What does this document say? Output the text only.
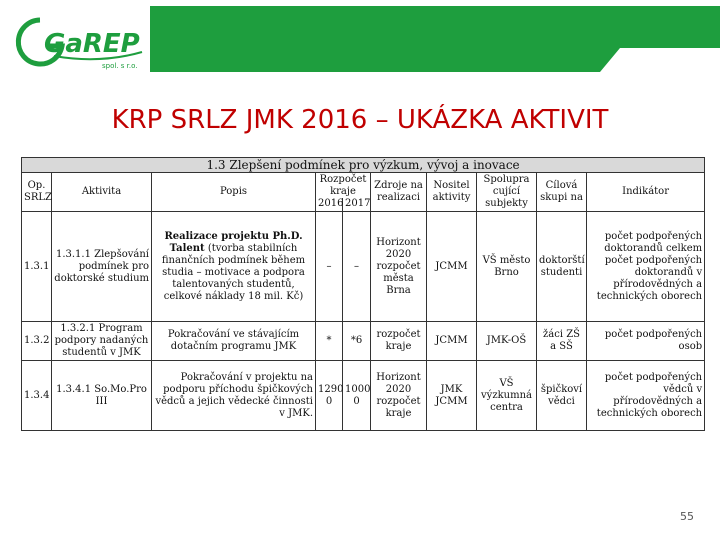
GaREP
spol. s r.o.
KRP SRLZ JMK 2016 – UKÁZKA AKTIVIT
1.3 Zlepšení podmínek pro výzkum, vývoj a inovace									
Op. SRLZ	Aktivita	Popis	Rozpočet kraje		Zdroje na realizaci	Nositel aktivity	Spolupra cující subjekty	Cílová skupi na	Indikátor
			2016	2017					
1.3.1	1.3.1.1 Zlepšování podmínek pro doktorské studium	Realizace projektu Ph.D. Talent (tvorba stabilních finančních podmínek během studia – motivace a podpora talentovaných studentů, celkové náklady 18 mil. Kč)	–	–	Horizont 2020 rozpočet města Brna	JCMM	VŠ město Brno	doktorští studenti	počet podpořených doktorandů celkem počet podpořených doktorandů v přírodovědných a technických oborech
1.3.2	1.3.2.1 Program podpory nadaných studentů v JMK	Pokračování ve stávajícím dotačním programu JMK	*	*6	rozpočet kraje	JCMM	JMK-OŠ	žáci ZŠ a SŠ	počet podpořených osob
1.3.4	1.3.4.1 So.Mo.Pro III	Pokračování v projektu na podporu příchodu špičkových vědců a jejich vědecké činnosti v JMK.	1290 0	1000 0	Horizont 2020 rozpočet kraje	JMK JCMM	VŠ výzkumná centra	špičkoví vědci	počet podpořených vědců v přírodovědných a technických oborech
55
